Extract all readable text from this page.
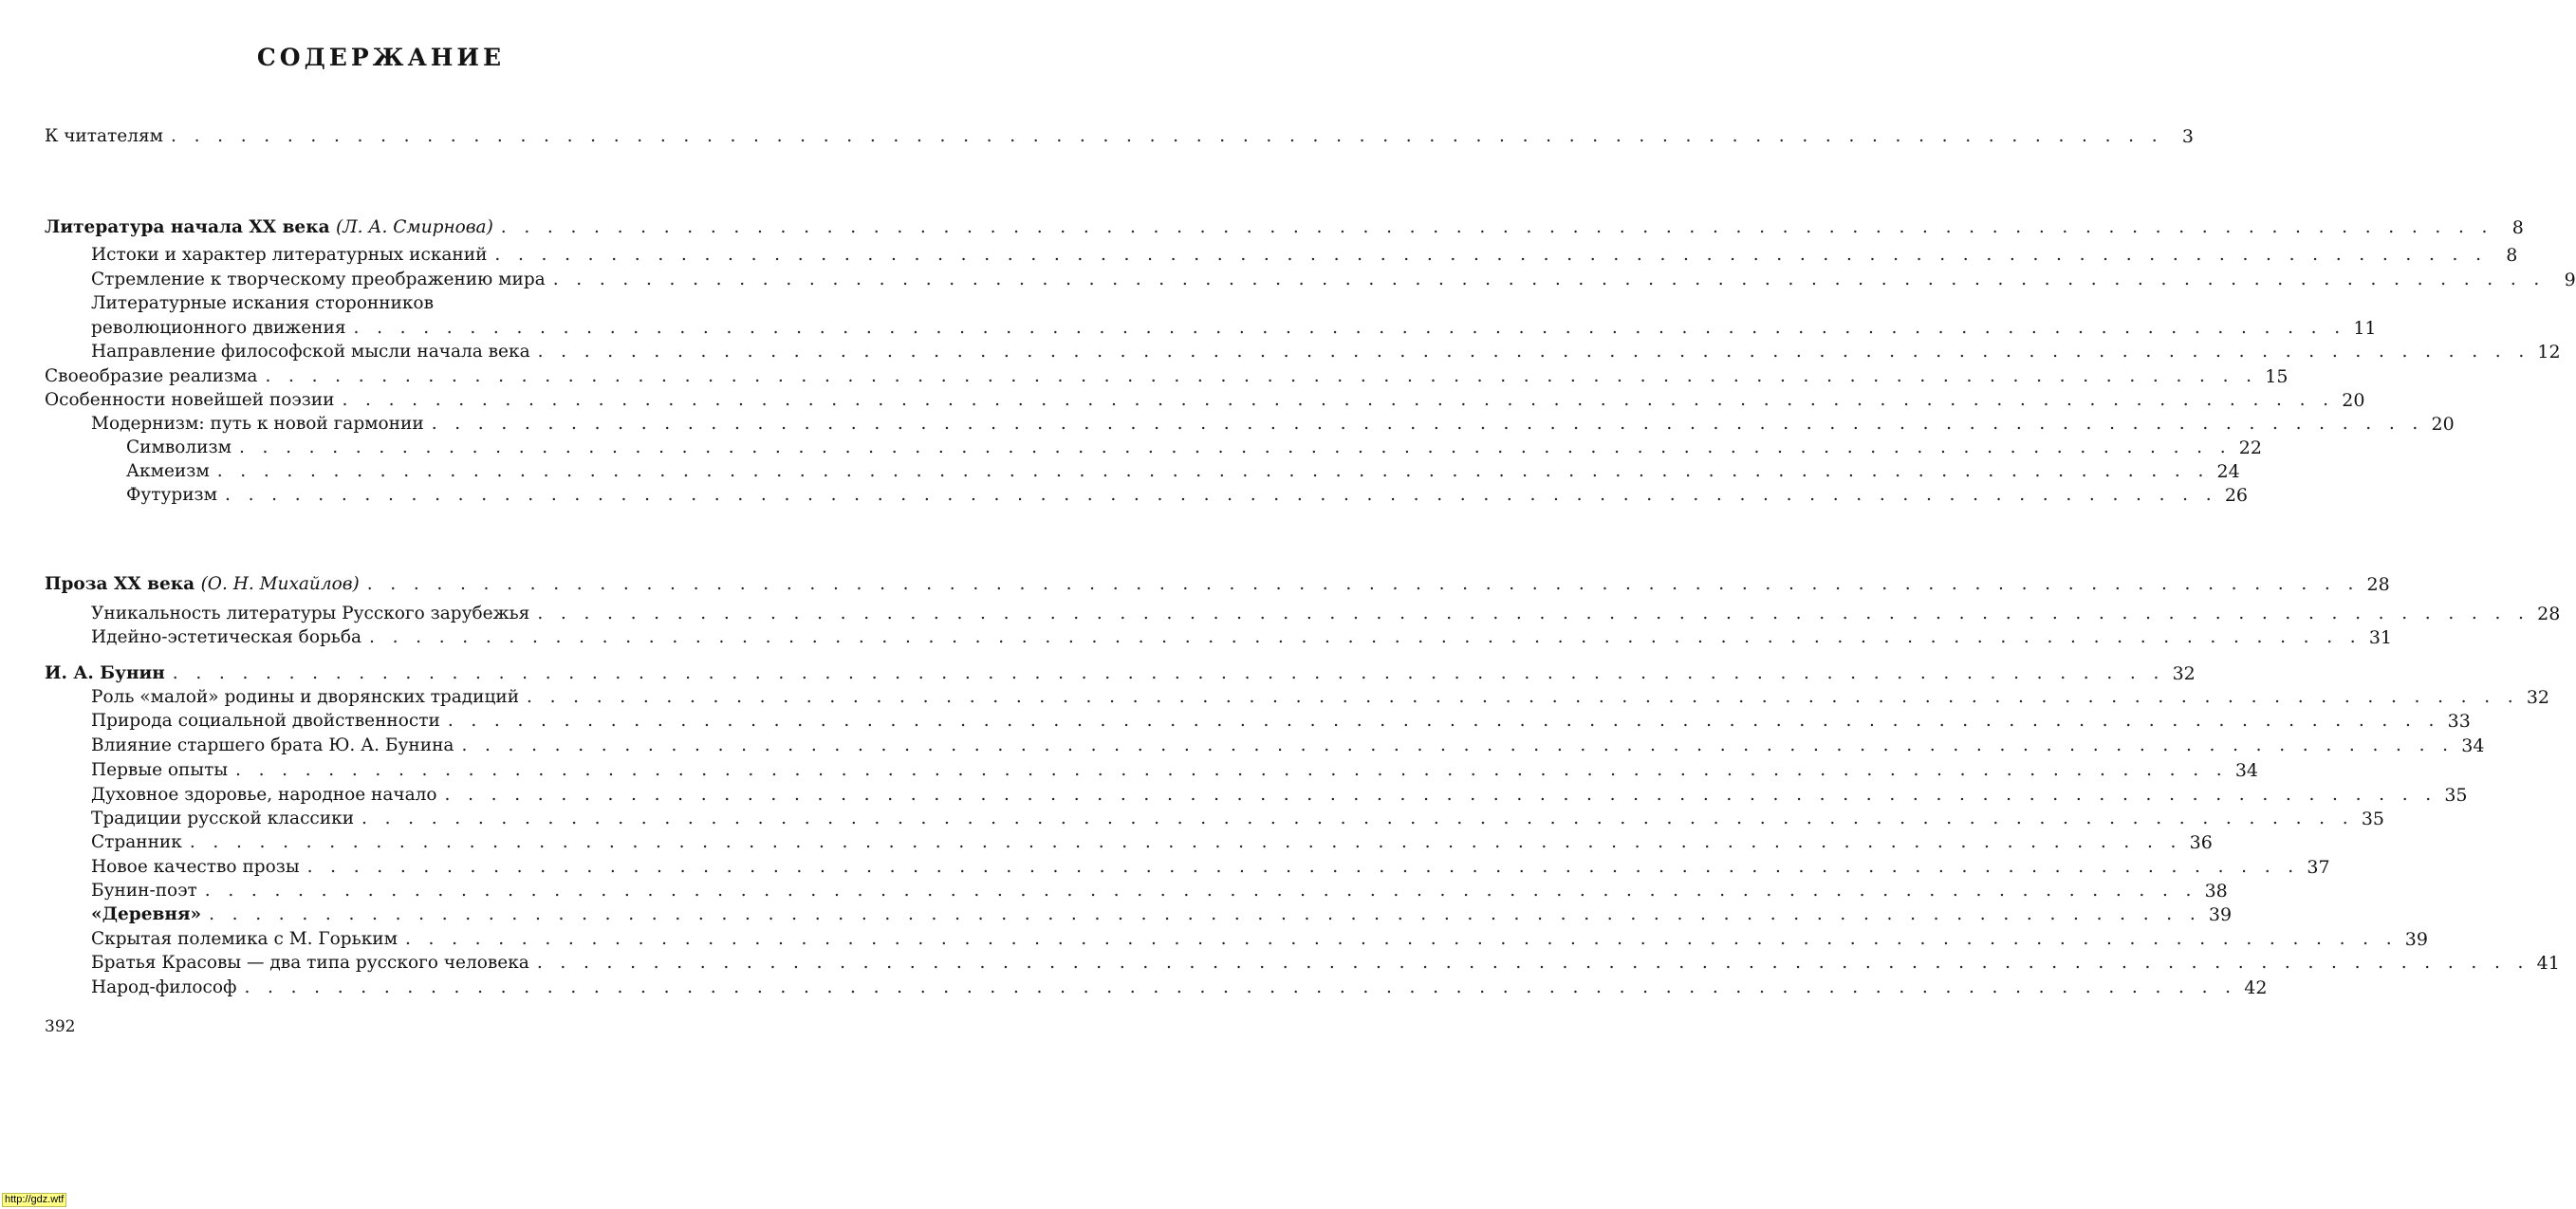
СОДЕРЖАНИЕ
К читателям . . . . . . . . . . . . . . . . . . . . . . . . . . . . . . . . . . . . . . . . . . . . . . . . . . . . . . . . . . . . . . . . . . . . . . . . . . . . . . . . . . . . . .	3
Литература начала XX века (Л. А. Смирнова) . . . . . . . . . . . . . . . . . . . . . . . . . . . . . . . . . . . . . . . . . . . . . . . . . . . . . . . . . . . . . . . . . . . . . . . . . . . . . . . . . . . . . .	8
Истоки и характер литературных исканий . . . . . . . . . . . . . . . . . . . . . . . . . . . . . . . . . . . . . . . . . . . . . . . . . . . . . . . . . . . . . . . . . . . . . . . . . . . . . . . . . . . . . .	8
Стремление к творческому преображению мира . . . . . . . . . . . . . . . . . . . . . . . . . . . . . . . . . . . . . . . . . . . . . . . . . . . . . . . . . . . . . . . . . . . . . . . . . . . . . . . . . . . . . .	9
Литературные искания сторонников
революционного движения . . . . . . . . . . . . . . . . . . . . . . . . . . . . . . . . . . . . . . . . . . . . . . . . . . . . . . . . . . . . . . . . . . . . . . . . . . . . . . . . . . . . . . 11
Направление философской мысли начала века . . . . . . . . . . . . . . . . . . . . . . . . . . . . . . . . . . . . . . . . . . . . . . . . . . . . . . . . . . . . . . . . . . . . . . . . . . . . . . . . . . . . . . 12
Своеобразие реализма . . . . . . . . . . . . . . . . . . . . . . . . . . . . . . . . . . . . . . . . . . . . . . . . . . . . . . . . . . . . . . . . . . . . . . . . . . . . . . . . . . . . . . 15
Особенности новейшей поэзии . . . . . . . . . . . . . . . . . . . . . . . . . . . . . . . . . . . . . . . . . . . . . . . . . . . . . . . . . . . . . . . . . . . . . . . . . . . . . . . . . . . . . . 20
Модернизм: путь к новой гармонии . . . . . . . . . . . . . . . . . . . . . . . . . . . . . . . . . . . . . . . . . . . . . . . . . . . . . . . . . . . . . . . . . . . . . . . . . . . . . . . . . . . . . . 20
Символизм . . . . . . . . . . . . . . . . . . . . . . . . . . . . . . . . . . . . . . . . . . . . . . . . . . . . . . . . . . . . . . . . . . . . . . . . . . . . . . . . . . . . . . 22
Акмеизм . . . . . . . . . . . . . . . . . . . . . . . . . . . . . . . . . . . . . . . . . . . . . . . . . . . . . . . . . . . . . . . . . . . . . . . . . . . . . . . . . . . . . . 24
Футуризм . . . . . . . . . . . . . . . . . . . . . . . . . . . . . . . . . . . . . . . . . . . . . . . . . . . . . . . . . . . . . . . . . . . . . . . . . . . . . . . . . . . . . . 26
Проза XX века (О. Н. Михайлов) . . . . . . . . . . . . . . . . . . . . . . . . . . . . . . . . . . . . . . . . . . . . . . . . . . . . . . . . . . . . . . . . . . . . . . . . . . . . . . . . . . . . . . 28
Уникальность литературы Русского зарубежья . . . . . . . . . . . . . . . . . . . . . . . . . . . . . . . . . . . . . . . . . . . . . . . . . . . . . . . . . . . . . . . . . . . . . . . . . . . . . . . . . . . . . . 28
Идейно-эстетическая борьба . . . . . . . . . . . . . . . . . . . . . . . . . . . . . . . . . . . . . . . . . . . . . . . . . . . . . . . . . . . . . . . . . . . . . . . . . . . . . . . . . . . . . . 31
И. А. Бунин . . . . . . . . . . . . . . . . . . . . . . . . . . . . . . . . . . . . . . . . . . . . . . . . . . . . . . . . . . . . . . . . . . . . . . . . . . . . . . . . . . . . . . 32
Роль «малой» родины и дворянских традиций . . . . . . . . . . . . . . . . . . . . . . . . . . . . . . . . . . . . . . . . . . . . . . . . . . . . . . . . . . . . . . . . . . . . . . . . . . . . . . . . . . . . . . 32
Природа социальной двойственности . . . . . . . . . . . . . . . . . . . . . . . . . . . . . . . . . . . . . . . . . . . . . . . . . . . . . . . . . . . . . . . . . . . . . . . . . . . . . . . . . . . . . . 33
Влияние старшего брата Ю. А. Бунина . . . . . . . . . . . . . . . . . . . . . . . . . . . . . . . . . . . . . . . . . . . . . . . . . . . . . . . . . . . . . . . . . . . . . . . . . . . . . . . . . . . . . . 34
Первые опыты . . . . . . . . . . . . . . . . . . . . . . . . . . . . . . . . . . . . . . . . . . . . . . . . . . . . . . . . . . . . . . . . . . . . . . . . . . . . . . . . . . . . . . 34
Духовное здоровье, народное начало . . . . . . . . . . . . . . . . . . . . . . . . . . . . . . . . . . . . . . . . . . . . . . . . . . . . . . . . . . . . . . . . . . . . . . . . . . . . . . . . . . . . . . 35
Традиции русской классики . . . . . . . . . . . . . . . . . . . . . . . . . . . . . . . . . . . . . . . . . . . . . . . . . . . . . . . . . . . . . . . . . . . . . . . . . . . . . . . . . . . . . . 35
Странник . . . . . . . . . . . . . . . . . . . . . . . . . . . . . . . . . . . . . . . . . . . . . . . . . . . . . . . . . . . . . . . . . . . . . . . . . . . . . . . . . . . . . . 36
Новое качество прозы . . . . . . . . . . . . . . . . . . . . . . . . . . . . . . . . . . . . . . . . . . . . . . . . . . . . . . . . . . . . . . . . . . . . . . . . . . . . . . . . . . . . . . 37
Бунин-поэт . . . . . . . . . . . . . . . . . . . . . . . . . . . . . . . . . . . . . . . . . . . . . . . . . . . . . . . . . . . . . . . . . . . . . . . . . . . . . . . . . . . . . . 38
«Деревня» . . . . . . . . . . . . . . . . . . . . . . . . . . . . . . . . . . . . . . . . . . . . . . . . . . . . . . . . . . . . . . . . . . . . . . . . . . . . . . . . . . . . . . 39
Скрытая полемика с М. Горьким . . . . . . . . . . . . . . . . . . . . . . . . . . . . . . . . . . . . . . . . . . . . . . . . . . . . . . . . . . . . . . . . . . . . . . . . . . . . . . . . . . . . . . 39
Братья Красовы — два типа русского человека . . . . . . . . . . . . . . . . . . . . . . . . . . . . . . . . . . . . . . . . . . . . . . . . . . . . . . . . . . . . . . . . . . . . . . . . . . . . . . . . . . . . . . 41
Народ-философ . . . . . . . . . . . . . . . . . . . . . . . . . . . . . . . . . . . . . . . . . . . . . . . . . . . . . . . . . . . . . . . . . . . . . . . . . . . . . . . . . . . . . . 42
392
http://gdz.wtf
